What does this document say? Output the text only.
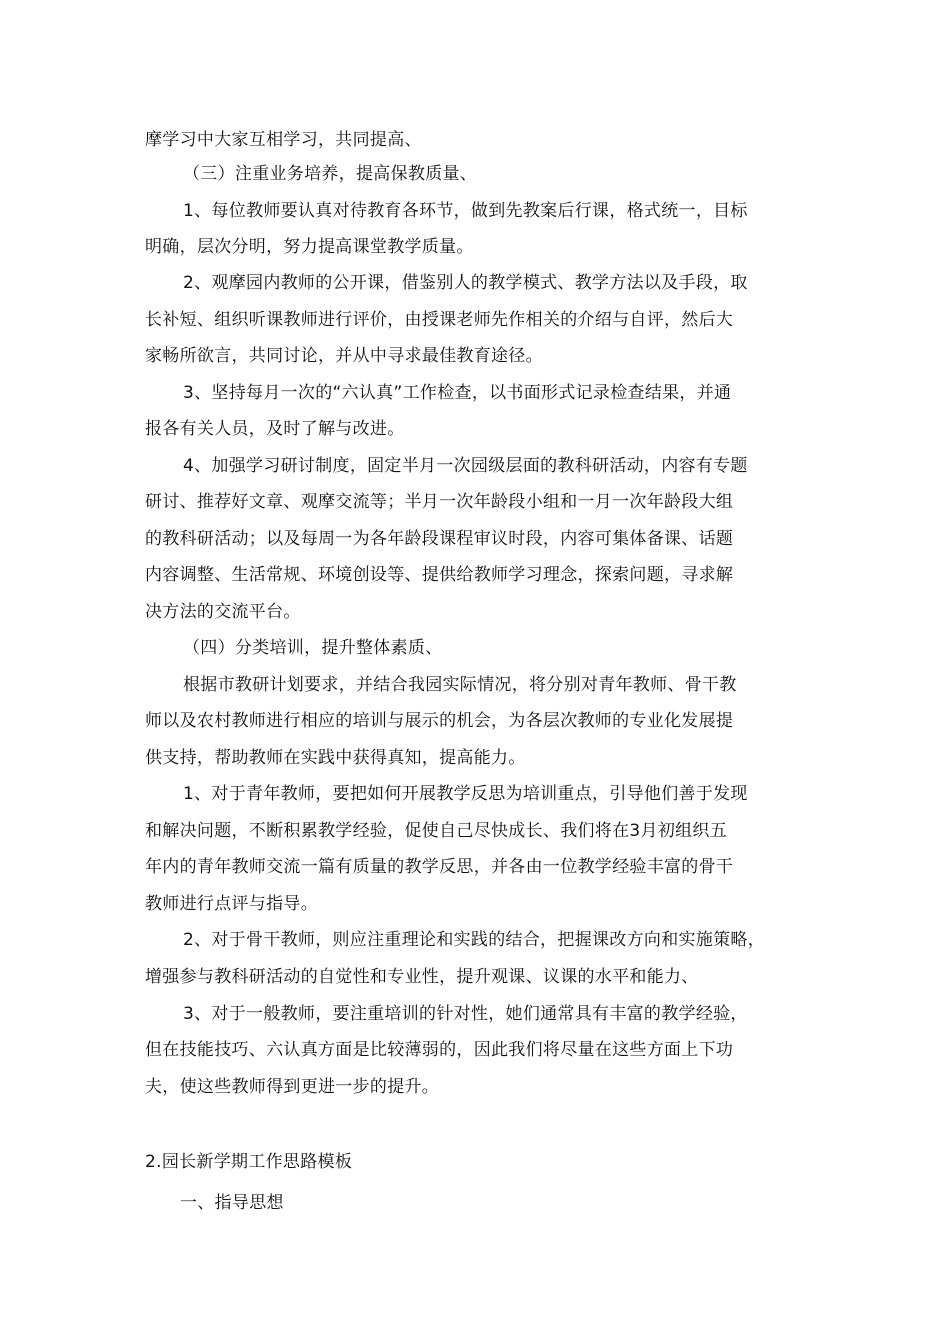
摩学习中大家互相学习，共同提高、
（三）注重业务培养，提高保教质量、
1、每位教师要认真对待教育各环节，做到先教案后行课，格式统一，目标
明确，层次分明，努力提高课堂教学质量。
2、观摩园内教师的公开课，借鉴别人的教学模式、教学方法以及手段，取
长补短、组织听课教师进行评价，由授课老师先作相关的介绍与自评，然后大
家畅所欲言，共同讨论，并从中寻求最佳教育途径。
3、坚持每月一次的“六认真”工作检查，以书面形式记录检查结果，并通
报各有关人员，及时了解与改进。
4、加强学习研讨制度，固定半月一次园级层面的教科研活动，内容有专题
研讨、推荐好文章、观摩交流等；半月一次年龄段小组和一月一次年龄段大组
的教科研活动；以及每周一为各年龄段课程审议时段，内容可集体备课、话题
内容调整、生活常规、环境创设等、提供给教师学习理念，探索问题，寻求解
决方法的交流平台。
（四）分类培训，提升整体素质、
根据市教研计划要求，并结合我园实际情况，将分别对青年教师、骨干教
师以及农村教师进行相应的培训与展示的机会，为各层次教师的专业化发展提
供支持，帮助教师在实践中获得真知，提高能力。
1、对于青年教师，要把如何开展教学反思为培训重点，引导他们善于发现
和解决问题，不断积累教学经验，促使自己尽快成长、我们将在3月初组织五
年内的青年教师交流一篇有质量的教学反思，并各由一位教学经验丰富的骨干
教师进行点评与指导。
2、对于骨干教师，则应注重理论和实践的结合，把握课改方向和实施策略，
增强参与教科研活动的自觉性和专业性，提升观课、议课的水平和能力、
3、对于一般教师，要注重培训的针对性，她们通常具有丰富的教学经验，
但在技能技巧、六认真方面是比较薄弱的，因此我们将尽量在这些方面上下功
夫，使这些教师得到更进一步的提升。
2.园长新学期工作思路模板
一、指导思想
